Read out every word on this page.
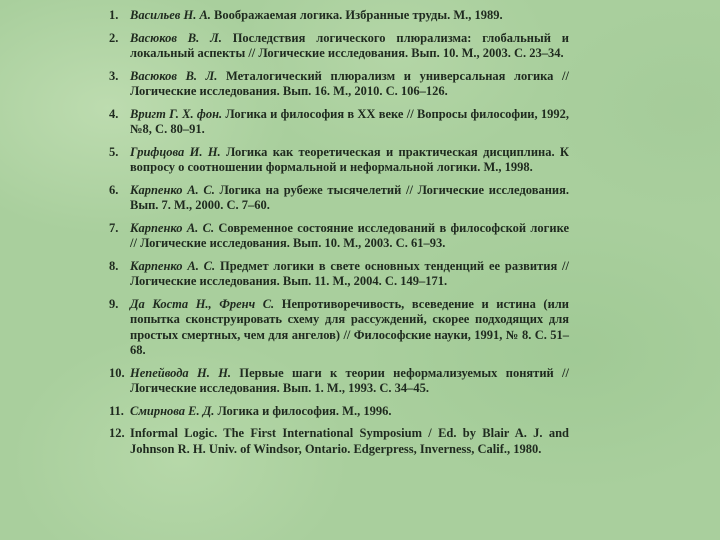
1. Васильев Н. А. Воображаемая логика. Избранные труды. М., 1989.
2. Васюков В. Л. Последствия логического плюрализма: глобальный и локальный аспекты // Логические исследования. Вып. 10. М., 2003. С. 23–34.
3. Васюков В. Л. Металогический плюрализм и универсальная логика // Логические исследования. Вып. 16. М., 2010. С. 106–126.
4. Вригт Г. Х. фон. Логика и философия в XX веке // Вопросы философии, 1992, №8, С. 80–91.
5. Грифцова И. Н. Логика как теоретическая и практическая дисциплина. К вопросу о соотношении формальной и неформальной логики. М., 1998.
6. Карпенко А. С. Логика на рубеже тысячелетий // Логические исследования. Вып. 7. М., 2000. С. 7–60.
7. Карпенко А. С. Современное состояние исследований в философской логике // Логические исследования. Вып. 10. М., 2003. С. 61–93.
8. Карпенко А. С. Предмет логики в свете основных тенденций ее развития // Логические исследования. Вып. 11. М., 2004. С. 149–171.
9. Да Коста Н., Френч С. Непротиворечивость, всеведение и истина (или попытка сконструировать схему для рассуждений, скорее подходящих для простых смертных, чем для ангелов) // Философские науки, 1991, № 8. С. 51–68.
10. Непейвода Н. Н. Первые шаги к теории неформализуемых понятий // Логические исследования. Вып. 1. М., 1993. С. 34–45.
11. Смирнова Е. Д. Логика и философия. М., 1996.
12. Informal Logic. The First International Symposium / Ed. by Blair A. J. and Johnson R. H. Univ. of Windsor, Ontario. Edgerpress, Inverness, Calif., 1980.
